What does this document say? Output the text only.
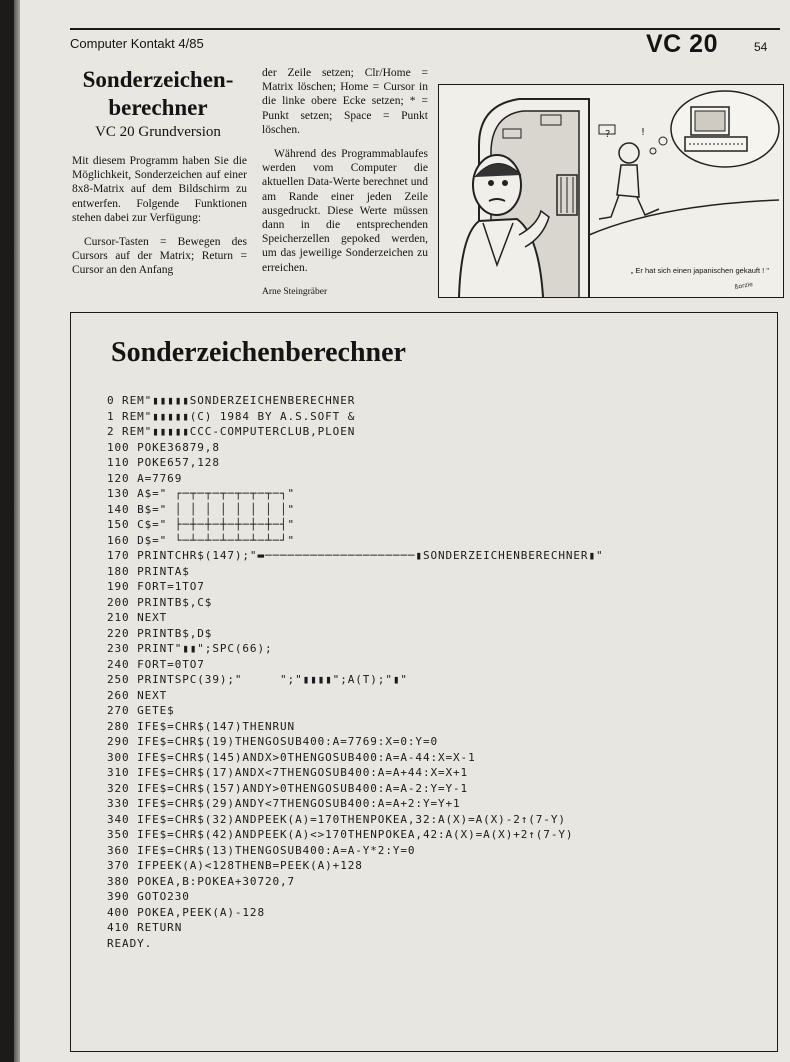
Computer Kontakt 4/85	VC 20	54
Sonderzeichen-
berechner
VC 20 Grundversion

Mit diesem Programm haben Sie die Möglichkeit, Sonderzeichen auf einer 8x8-Matrix auf dem Bildschirm zu entwerfen. Folgende Funktionen stehen dabei zur Verfügung:

Cursor-Tasten = Bewegen des Cursors auf der Matrix; Return = Cursor an den Anfang

der Zeile setzen; Clr/Home = Matrix löschen; Home = Cursor in die linke obere Ecke setzen; * = Punkt setzen; Space = Punkt löschen.

Während des Programmablaufes werden vom Computer die aktuellen Data-Werte berechnet und am Rande einer jeden Zeile ausgedruckt. Diese Werte müssen dann in die entsprechenden Speicherzellen gepoked werden, um das jeweilige Sonderzeichen zu erreichen.

Arne Steingräber

?	!
ßorzie
„ Er hat sich einen japanischen gekauft ! "
Sonderzeichenberechner
0 REM"▮▮▮▮▮SONDERZEICHENBERECHNER
1 REM"▮▮▮▮▮(C) 1984 BY A.S.SOFT &
2 REM"▮▮▮▮▮CCC-COMPUTERCLUB,PLOEN
100 POKE36879,8
110 POKE657,128
120 A=7769
130 A$=" ┌─┬─┬─┬─┬─┬─┬─┐"
140 B$=" │ │ │ │ │ │ │ │"
150 C$=" ├─┼─┼─┼─┼─┼─┼─┤"
160 D$=" └─┴─┴─┴─┴─┴─┴─┘"
170 PRINTCHR$(147);"▬────────────────────▮SONDERZEICHENBERECHNER▮"
180 PRINTA$
190 FORT=1TO7
200 PRINTB$,C$
210 NEXT
220 PRINTB$,D$
230 PRINT"▮▮";SPC(66);
240 FORT=0TO7
250 PRINTSPC(39);"     ";"▮▮▮▮";A(T);"▮"
260 NEXT
270 GETE$
280 IFE$=CHR$(147)THENRUN
290 IFE$=CHR$(19)THENGOSUB400:A=7769:X=0:Y=0
300 IFE$=CHR$(145)ANDX>0THENGOSUB400:A=A-44:X=X-1
310 IFE$=CHR$(17)ANDX<7THENGOSUB400:A=A+44:X=X+1
320 IFE$=CHR$(157)ANDY>0THENGOSUB400:A=A-2:Y=Y-1
330 IFE$=CHR$(29)ANDY<7THENGOSUB400:A=A+2:Y=Y+1
340 IFE$=CHR$(32)ANDPEEK(A)=170THENPOKEA,32:A(X)=A(X)-2↑(7-Y)
350 IFE$=CHR$(42)ANDPEEK(A)<>170THENPOKEA,42:A(X)=A(X)+2↑(7-Y)
360 IFE$=CHR$(13)THENGOSUB400:A=A-Y*2:Y=0
370 IFPEEK(A)<128THENB=PEEK(A)+128
380 POKEA,B:POKEA+30720,7
390 GOTO230
400 POKEA,PEEK(A)-128
410 RETURN
READY.
